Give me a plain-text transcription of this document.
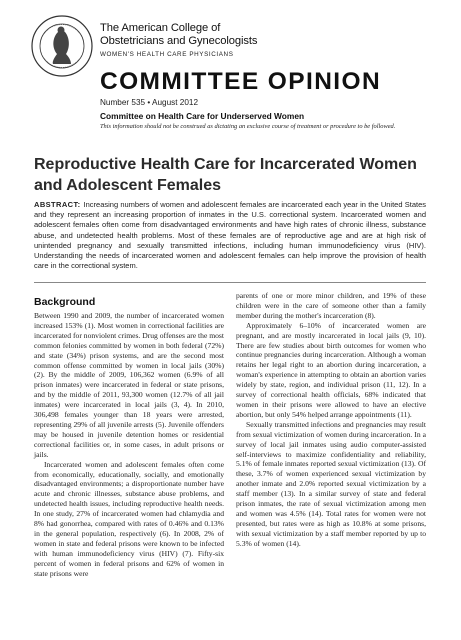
The American College of
Obstetricians and Gynecologists
WOMEN'S HEALTH CARE PHYSICIANS
COMMITTEE OPINION
Number 535 • August 2012
Committee on Health Care for Underserved Women
This information should not be construed as dictating an exclusive course of treatment or procedure to be followed.
Reproductive Health Care for Incarcerated Women and Adolescent Females

ABSTRACT: Increasing numbers of women and adolescent females are incarcerated each year in the United States and they represent an increasing proportion of inmates in the U.S. correctional system. Incarcerated women and adolescent females often come from disadvantaged environments and have high rates of chronic illness, substance abuse, and undetected health problems. Most of these females are of reproductive age and are at high risk of unintended pregnancy and sexually transmitted infections, including human immunodeficiency virus (HIV). Understanding the needs of incarcerated women and adolescent females can help improve the provision of health care in the correctional system.

Background

Between 1990 and 2009, the number of incarcerated women increased 153% (1). Most women in correctional facilities are incarcerated for nonviolent crimes. Drug offenses are the most common felonies committed by women in both federal (72%) and state (34%) prison systems, and are the second most common offense committed by women in local jails (30%) (2). By the middle of 2009, 106,362 women (6.9% of all prison inmates) were incarcerated in federal or state prisons, and by the middle of 2011, 93,300 women (12.7% of all jail inmates) were incarcerated in local jails (3, 4). In 2010, 306,498 females younger than 18 years were arrested, representing 29% of all juvenile arrests (5). Juvenile offenders may be housed in juvenile detention homes or residential correctional facilities or, in some cases, in adult prisons or jails.

Incarcerated women and adolescent females often come from economically, educationally, socially, and emotionally disadvantaged environments; a disproportionate number have acute and chronic illnesses, substance abuse problems, and undetected health issues, including reproductive health needs. In one study, 27% of incarcerated women had chlamydia and 8% had gonorrhea, compared with rates of 0.46% and 0.13% in the general population, respectively (6). In 2008, 2% of women in state and federal prisons were known to be infected with human immunodeficiency virus (HIV) (7). Fifty-six percent of women in federal prisons and 62% of women in state prisons were

parents of one or more minor children, and 19% of these children were in the care of someone other than a family member during the mother's incarceration (8).

Approximately 6–10% of incarcerated women are pregnant, and are mostly incarcerated in local jails (9, 10). There are few studies about birth outcomes for women who continue pregnancies during incarceration. Although a woman retains her legal right to an abortion during incarceration, a woman's experience in attempting to obtain an abortion varies widely by state, region, and individual prison (11, 12). In a survey of correctional health officials, 68% indicated that women in their prisons were allowed to have an elective abortion, but only 54% helped arrange appointments (11).

Sexually transmitted infections and pregnancies may result from sexual victimization of women during incarceration. In a survey of local jail inmates using audio computer-assisted self-interviews to maximize confidentiality and reliability, 5.1% of female inmates reported sexual victimization (13). Of these, 3.7% of women experienced sexual victimization by another inmate and 2.0% reported sexual victimization by a staff member (13). In a similar survey of state and federal prison inmates, the rate of sexual victimization among men and women was 4.5% (14). Total rates for women were not presented, but rates were as high as 10.8% at some prisons, with sexual victimization by a staff member reported by up to 5.3% of women (14).
